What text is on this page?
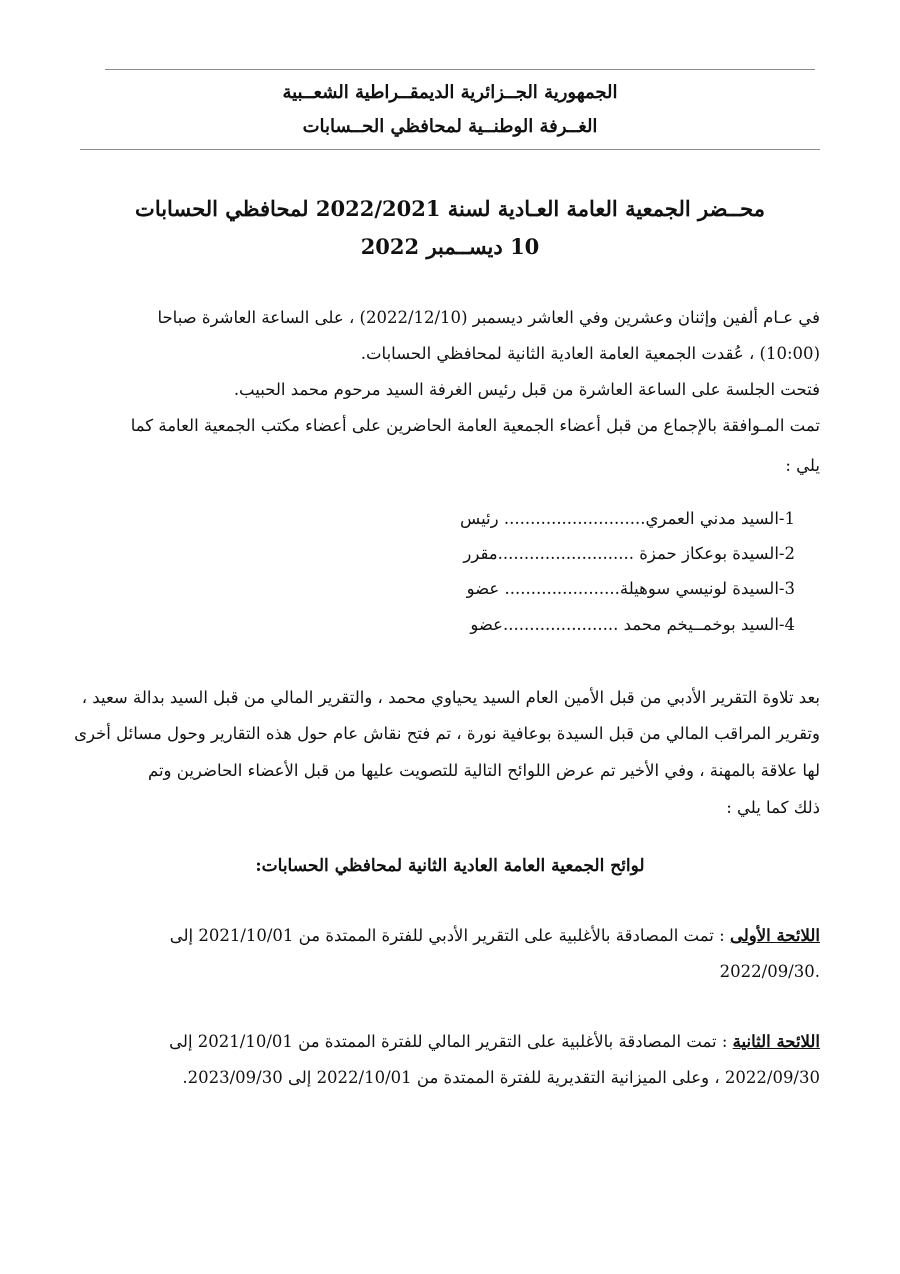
الجمهورية الجــزائرية الديمقــراطية الشعــبية
الغــرفة الوطنــية لمحافظي الحــسابات
محــضر الجمعية العامة العـادية لسنة 2022/2021 لمحافظي الحسابات
10 ديســمبر 2022
في عـام ألفين وإثنان وعشرين وفي العاشر ديسمبر (2022/12/10) ، على الساعة العاشرة صباحا
(10:00) ، عُقدت الجمعية العامة العادية الثانية لمحافظي الحسابات.
فتحت الجلسة على الساعة العاشرة من قبل رئيس الغرفة السيد مرحوم محمد الحبيب.
تمت المـوافقة بالإجماع من قبل أعضاء الجمعية العامة الحاضرين على أعضاء مكتب الجمعية العامة كما
يلي :
1-السيد مدني العمري........................... رئيس
2-السيدة بوعكاز حمزة ..........................مقرر
3-السيدة لونيسي سوهيلة...................... عضو
4-السيد بوخمــيخم محمد ......................عضو
بعد تلاوة التقرير الأدبي من قبل الأمين العام السيد يحياوي محمد ، والتقرير المالي من قبل السيد بدالة سعيد ،
وتقرير المراقب المالي من قبل السيدة بوعافية نورة ، تم فتح نقاش عام حول هذه التقارير وحول مسائل أخرى
لها علاقة بالمهنة ، وفي الأخير تم عرض اللوائح التالية للتصويت عليها من قبل الأعضاء الحاضرين وتم
ذلك كما يلي :
لوائح الجمعية العامة العادية الثانية لمحافظي الحسابات:
اللائحة الأولى : تمت المصادقة بالأغلبية على التقرير الأدبي للفترة الممتدة من 2021/10/01 إلى
.2022/09/30
اللائحة الثانية : تمت المصادقة بالأغلبية على التقرير المالي للفترة الممتدة من 2021/10/01 إلى
2022/09/30 ، وعلى الميزانية التقديرية للفترة الممتدة من 2022/10/01 إلى 2023/09/30.
